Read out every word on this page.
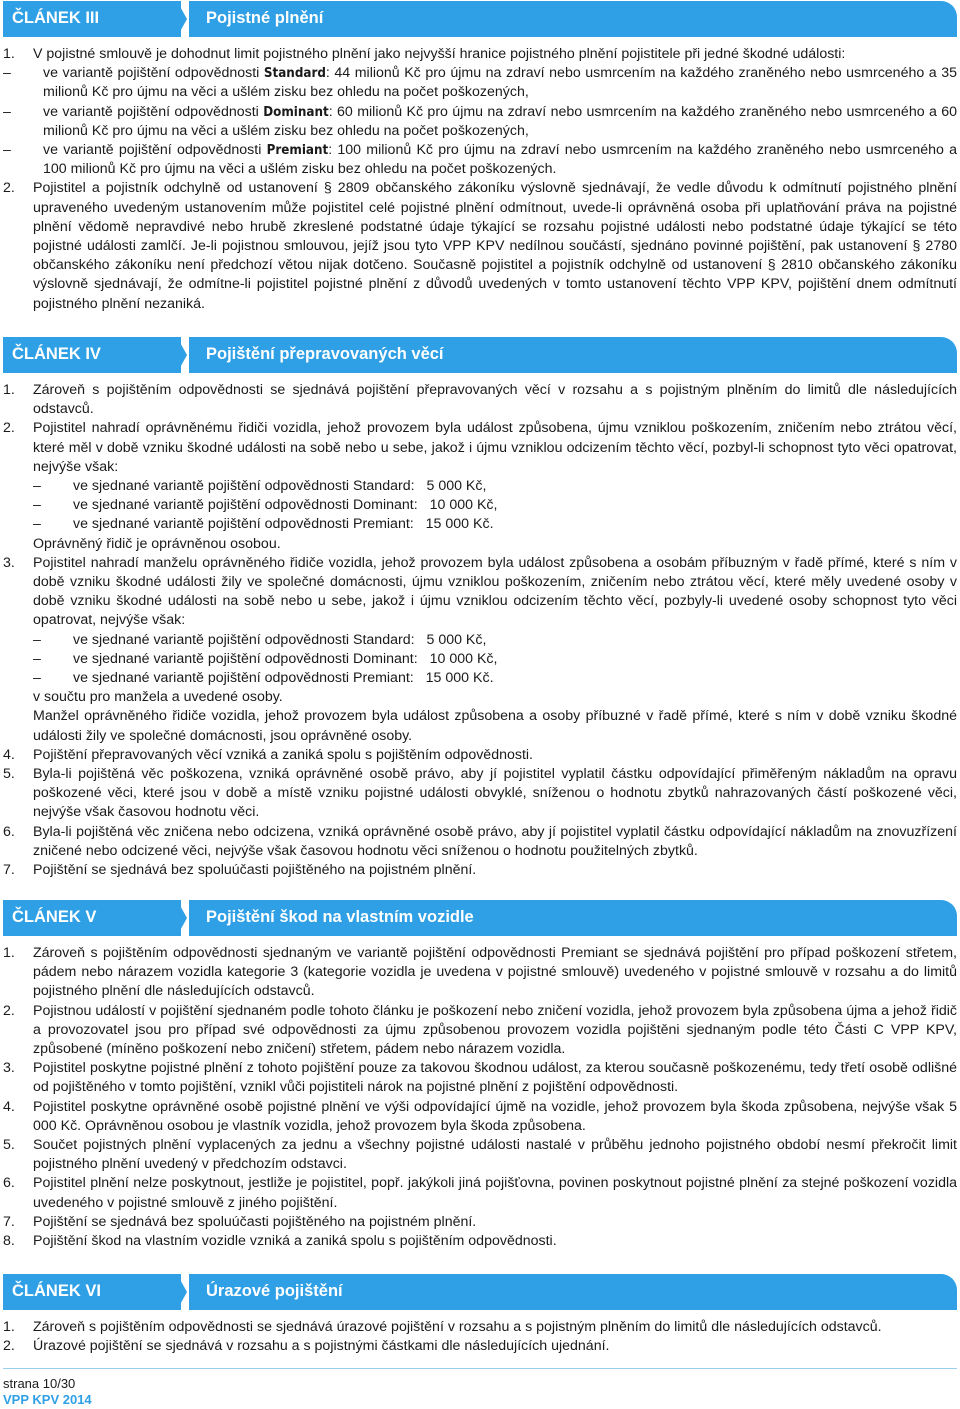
ČLÁNEK III	Pojistné plnění
1. V pojistné smlouvě je dohodnut limit pojistného plnění jako nejvyšší hranice pojistného plnění pojistitele při jedné škodné události:
– ve variantě pojištění odpovědnosti Standard: 44 milionů Kč pro újmu na zdraví nebo usmrcením na každého zraněného nebo usmrceného a 35 milionů Kč pro újmu na věci a ušlém zisku bez ohledu na počet poškozených,
– ve variantě pojištění odpovědnosti Dominant: 60 milionů Kč pro újmu na zdraví nebo usmrcením na každého zraněného nebo usmrceného a 60 milionů Kč pro újmu na věci a ušlém zisku bez ohledu na počet poškozených,
– ve variantě pojištění odpovědnosti Premiant: 100 milionů Kč pro újmu na zdraví nebo usmrcením na každého zraněného nebo usmrceného a 100 milionů Kč pro újmu na věci a ušlém zisku bez ohledu na počet poškozených.
2. Pojistitel a pojistník odchylně od ustanovení § 2809 občanského zákoníku výslovně sjednávají, že vedle důvodu k odmítnutí pojistného plnění upraveného uvedeným ustanovením může pojistitel celé pojistné plnění odmítnout, uvede-li oprávněná osoba při uplatňování práva na pojistné plnění vědomě nepravdivé nebo hrubě zkreslené podstatné údaje týkající se rozsahu pojistné události nebo podstatné údaje týkající se této pojistné události zamlčí. Je-li pojistnou smlouvou, jejíž jsou tyto VPP KPV nedílnou součástí, sjednáno povinné pojištění, pak ustanovení § 2780 občanského zákoníku není předchozí větou nijak dotčeno. Současně pojistitel a pojistník odchylně od ustanovení § 2810 občanského zákoníku výslovně sjednávají, že odmítne-li pojistitel pojistné plnění z důvodů uvedených v tomto ustanovení těchto VPP KPV, pojištění dnem odmítnutí pojistného plnění nezaniká.
ČLÁNEK IV	Pojištění přepravovaných věcí
1. Zároveň s pojištěním odpovědnosti se sjednává pojištění přepravovaných věcí v rozsahu a s pojistným plněním do limitů dle následujících odstavců.
2. Pojistitel nahradí oprávněnému řidiči vozidla, jehož provozem byla událost způsobena, újmu vzniklou poškozením, zničením nebo ztrátou věcí, které měl v době vzniku škodné události na sobě nebo u sebe, jakož i újmu vzniklou odcizením těchto věcí, pozbyl-li schopnost tyto věci opatrovat, nejvýše však:
– ve sjednané variantě pojištění odpovědnosti Standard: 5 000 Kč,
– ve sjednané variantě pojištění odpovědnosti Dominant: 10 000 Kč,
– ve sjednané variantě pojištění odpovědnosti Premiant: 15 000 Kč.
Oprávněný řidič je oprávněnou osobou.
3. Pojistitel nahradí manželu oprávněného řidiče vozidla, jehož provozem byla událost způsobena a osobám příbuzným v řadě přímé, které s ním v době vzniku škodné události žily ve společné domácnosti, újmu vzniklou poškozením, zničením nebo ztrátou věcí, které měly uvedené osoby v době vzniku škodné události na sobě nebo u sebe, jakož i újmu vzniklou odcizením těchto věcí, pozbyly-li uvedené osoby schopnost tyto věci opatrovat, nejvýše však:
– ve sjednané variantě pojištění odpovědnosti Standard: 5 000 Kč,
– ve sjednané variantě pojištění odpovědnosti Dominant: 10 000 Kč,
– ve sjednané variantě pojištění odpovědnosti Premiant: 15 000 Kč.
v součtu pro manžela a uvedené osoby.
Manžel oprávněného řidiče vozidla, jehož provozem byla událost způsobena a osoby příbuzné v řadě přímé, které s ním v době vzniku škodné události žily ve společné domácnosti, jsou oprávněné osoby.
4. Pojištění přepravovaných věcí vzniká a zaniká spolu s pojištěním odpovědnosti.
5. Byla-li pojištěná věc poškozena, vzniká oprávněné osobě právo, aby jí pojistitel vyplatil částku odpovídající přiměřeným nákladům na opravu poškozené věci, které jsou v době a místě vzniku pojistné události obvyklé, sníženou o hodnotu zbytků nahrazovaných částí poškozené věci, nejvýše však časovou hodnotu věci.
6. Byla-li pojištěná věc zničena nebo odcizena, vzniká oprávněné osobě právo, aby jí pojistitel vyplatil částku odpovídající nákladům na znovuzřízení zničené nebo odcizené věci, nejvýše však časovou hodnotu věci sníženou o hodnotu použitelných zbytků.
7. Pojištění se sjednává bez spoluúčasti pojištěného na pojistném plnění.
ČLÁNEK V	Pojištění škod na vlastním vozidle
1. Zároveň s pojištěním odpovědnosti sjednaným ve variantě pojištění odpovědnosti Premiant se sjednává pojištění pro případ poškození střetem, pádem nebo nárazem vozidla kategorie 3 (kategorie vozidla je uvedena v pojistné smlouvě) uvedeného v pojistné smlouvě v rozsahu a do limitů pojistného plnění dle následujících odstavců.
2. Pojistnou událostí v pojištění sjednaném podle tohoto článku je poškození nebo zničení vozidla, jehož provozem byla způsobena újma a jehož řidič a provozovatel jsou pro případ své odpovědnosti za újmu způsobenou provozem vozidla pojištěni sjednaným podle této Části C VPP KPV, způsobené (míněno poškození nebo zničení) střetem, pádem nebo nárazem vozidla.
3. Pojistitel poskytne pojistné plnění z tohoto pojištění pouze za takovou škodnou událost, za kterou současně poškozenému, tedy třetí osobě odlišné od pojištěného v tomto pojištění, vznikl vůči pojistiteli nárok na pojistné plnění z pojištění odpovědnosti.
4. Pojistitel poskytne oprávněné osobě pojistné plnění ve výši odpovídající újmě na vozidle, jehož provozem byla škoda způsobena, nejvýše však 5 000 Kč. Oprávněnou osobou je vlastník vozidla, jehož provozem byla škoda způsobena.
5. Součet pojistných plnění vyplacených za jednu a všechny pojistné události nastalé v průběhu jednoho pojistného období nesmí překročit limit pojistného plnění uvedený v předchozím odstavci.
6. Pojistitel plnění nelze poskytnout, jestliže je pojistitel, popř. jakýkoli jiná pojišťovna, povinen poskytnout pojistné plnění za stejné poškození vozidla uvedeného v pojistné smlouvě z jiného pojištění.
7. Pojištění se sjednává bez spoluúčasti pojištěného na pojistném plnění.
8. Pojištění škod na vlastním vozidle vzniká a zaniká spolu s pojištěním odpovědnosti.
ČLÁNEK VI	Úrazové pojištění
1. Zároveň s pojištěním odpovědnosti se sjednává úrazové pojištění v rozsahu a s pojistným plněním do limitů dle následujících odstavců.
2. Úrazové pojištění se sjednává v rozsahu a s pojistnými částkami dle následujících ujednání.
strana 10/30
VPP KPV 2014
